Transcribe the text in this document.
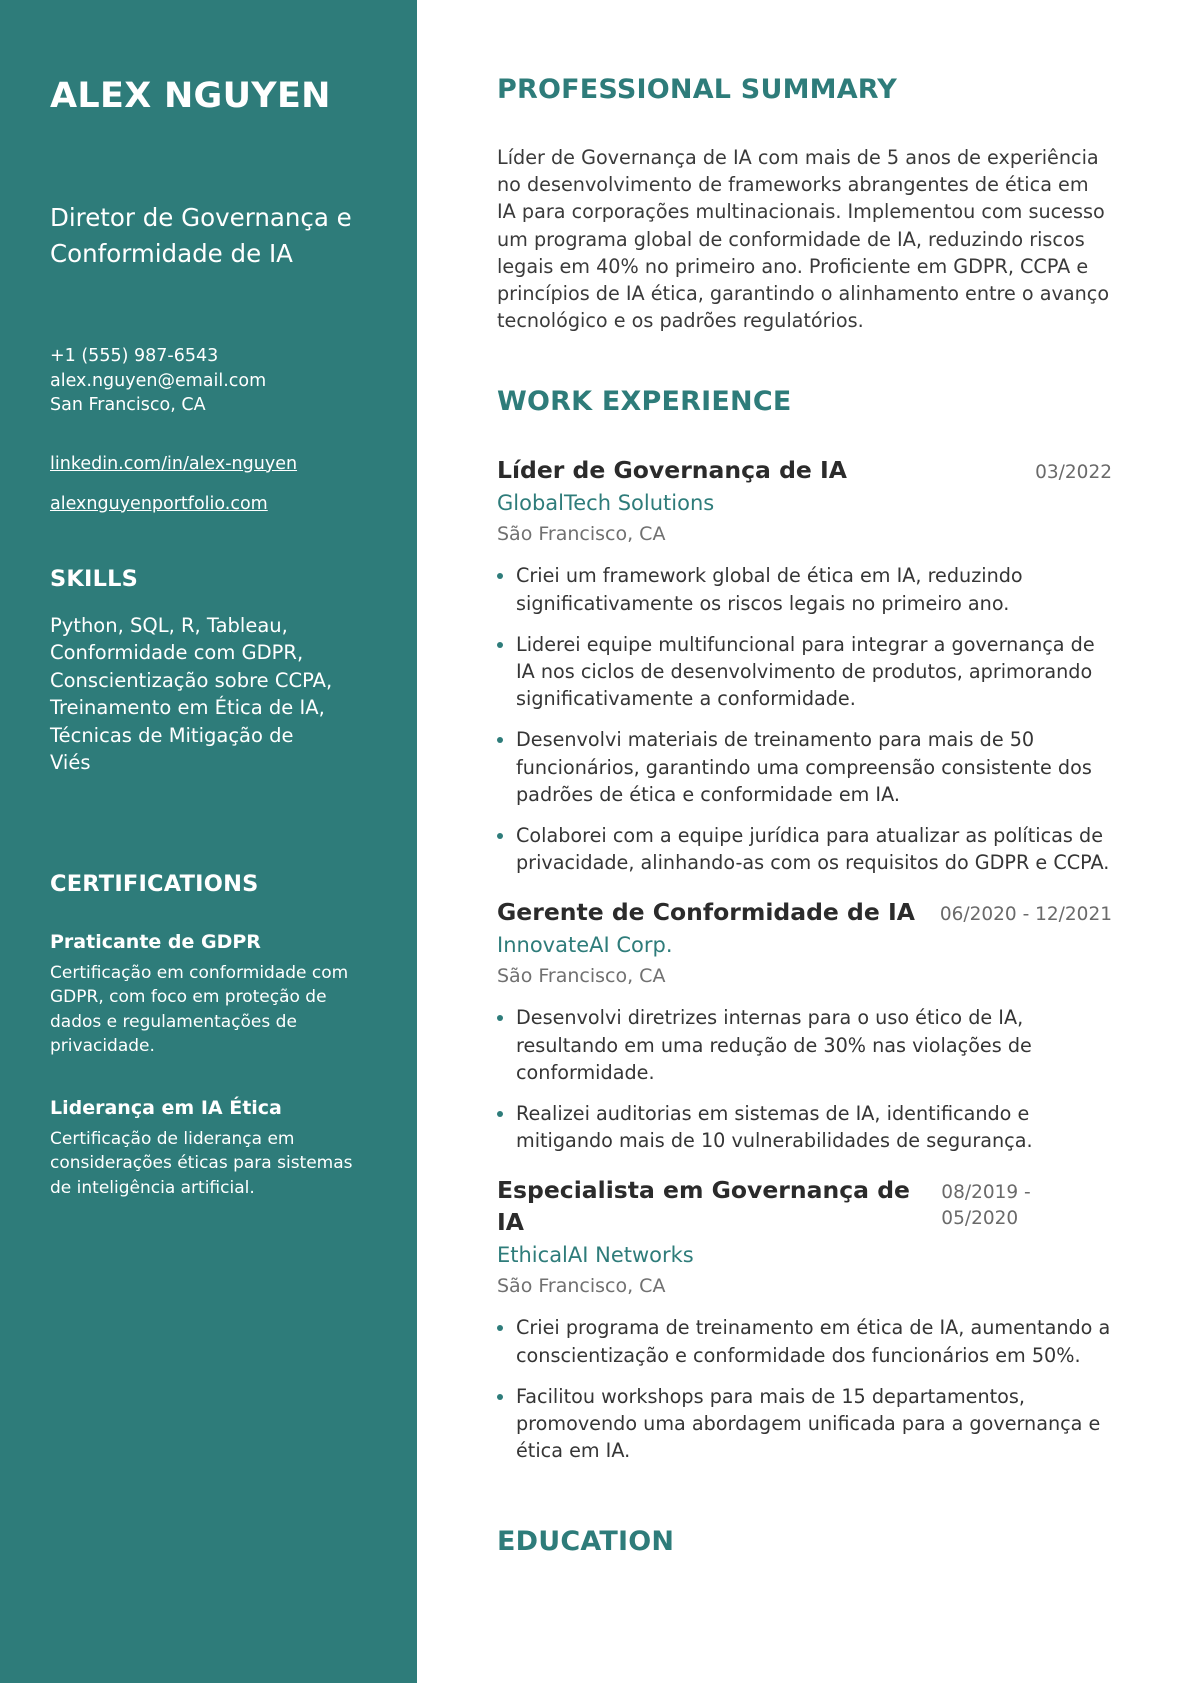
ALEX NGUYEN
Diretor de Governança e
Conformidade de IA
+1 (555) 987-6543
alex.nguyen@email.com
San Francisco, CA
linkedin.com/in/alex-nguyen
alexnguyenportfolio.com
SKILLS

Python, SQL, R, Tableau, Conformidade com GDPR, Conscientização sobre CCPA, Treinamento em Ética de IA, Técnicas de Mitigação de Viés

CERTIFICATIONS
Praticante de GDPR
Certificação em conformidade com GDPR, com foco em proteção de dados e regulamentações de privacidade.
Liderança em IA Ética
Certificação de liderança em considerações éticas para sistemas de inteligência artificial.
PROFESSIONAL SUMMARY

Líder de Governança de IA com mais de 5 anos de experiência no desenvolvimento de frameworks abrangentes de ética em IA para corporações multinacionais. Implementou com sucesso um programa global de conformidade de IA, reduzindo riscos legais em 40% no primeiro ano. Proficiente em GDPR, CCPA e princípios de IA ética, garantindo o alinhamento entre o avanço tecnológico e os padrões regulatórios.

WORK EXPERIENCE
Líder de Governança de IA	03/2022
GlobalTech Solutions
São Francisco, CA
Criei um framework global de ética em IA, reduzindo significativamente os riscos legais no primeiro ano.
Liderei equipe multifuncional para integrar a governança de IA nos ciclos de desenvolvimento de produtos, aprimorando significativamente a conformidade.
Desenvolvi materiais de treinamento para mais de 50 funcionários, garantindo uma compreensão consistente dos padrões de ética e conformidade em IA.
Colaborei com a equipe jurídica para atualizar as políticas de privacidade, alinhando-as com os requisitos do GDPR e CCPA.
Gerente de Conformidade de IA 06/2020 - 12/2021
InnovateAI Corp.
São Francisco, CA
Desenvolvi diretrizes internas para o uso ético de IA, resultando em uma redução de 30% nas violações de conformidade.
Realizei auditorias em sistemas de IA, identificando e mitigando mais de 10 vulnerabilidades de segurança.
Especialista em Governança de IA
08/2019 - 05/2020
EthicalAI Networks
São Francisco, CA
Criei programa de treinamento em ética de IA, aumentando a conscientização e conformidade dos funcionários em 50%.
Facilitou workshops para mais de 15 departamentos, promovendo uma abordagem unificada para a governança e ética em IA.
EDUCATION
